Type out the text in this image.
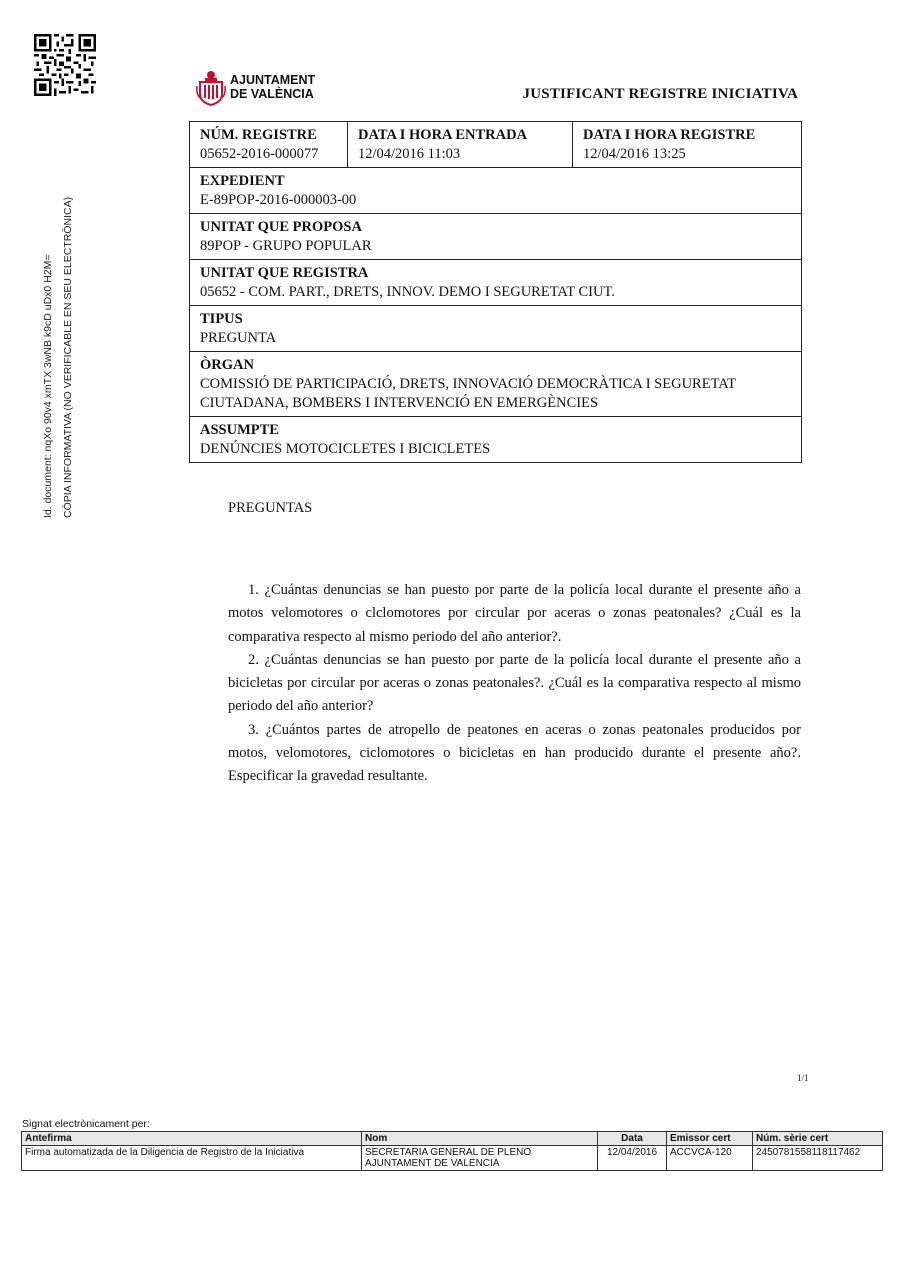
AJUNTAMENT
DE VALÈNCIA	JUSTIFICANT REGISTRE INICIATIVA
Id. document: nqXo 90v4 xmTX 3wNB k9cD uDx0 H2M= CÒPIA INFORMATIVA (NO VERIFICABLE EN SEU ELECTRÒNICA)
NÚM. REGISTRE
05652-2016-000077

DATA I HORA ENTRADA
12/04/2016 11:03

DATA I HORA REGISTRE
12/04/2016 13:25

EXPEDIENT
E-89POP-2016-000003-00

UNITAT QUE PROPOSA
89POP - GRUPO POPULAR

UNITAT QUE REGISTRA
05652 - COM. PART., DRETS, INNOV. DEMO I SEGURETAT CIUT.

TIPUS
PREGUNTA

ÒRGAN
COMISSIÓ DE PARTICIPACIÓ, DRETS, INNOVACIÓ DEMOCRÀTICA I SEGURETAT CIUTADANA, BOMBERS I INTERVENCIÓ EN EMERGÈNCIES

ASSUMPTE
DENÚNCIES MOTOCICLETES I BICICLETES
PREGUNTAS

1. ¿Cuántas denuncias se han puesto por parte de la policía local durante el presente año a motos velomotores o clclomotores por circular por aceras o zonas peatonales? ¿Cuál es la comparativa respecto al mismo periodo del año anterior?.

2. ¿Cuántas denuncias se han puesto por parte de la policía local durante el presente año a bicicletas por circular por aceras o zonas peatonales?. ¿Cuál es la comparativa respecto al mismo periodo del año anterior?

3. ¿Cuántos partes de atropello de peatones en aceras o zonas peatonales producidos por motos, velomotores, ciclomotores o bicicletas en han producido durante el presente año?. Especificar la gravedad resultante.

1/1
Signat electrònicament per:
Antefirma	Nom	Data	Emissor cert	Núm. sèrie cert
Firma automatizada de la Diligencia de Registro de la Iniciativa	SECRETARIA GENERAL DE PLENO
AJUNTAMENT DE VALENCIA	12/04/2016	ACCVCA-120	2450781558118117462
